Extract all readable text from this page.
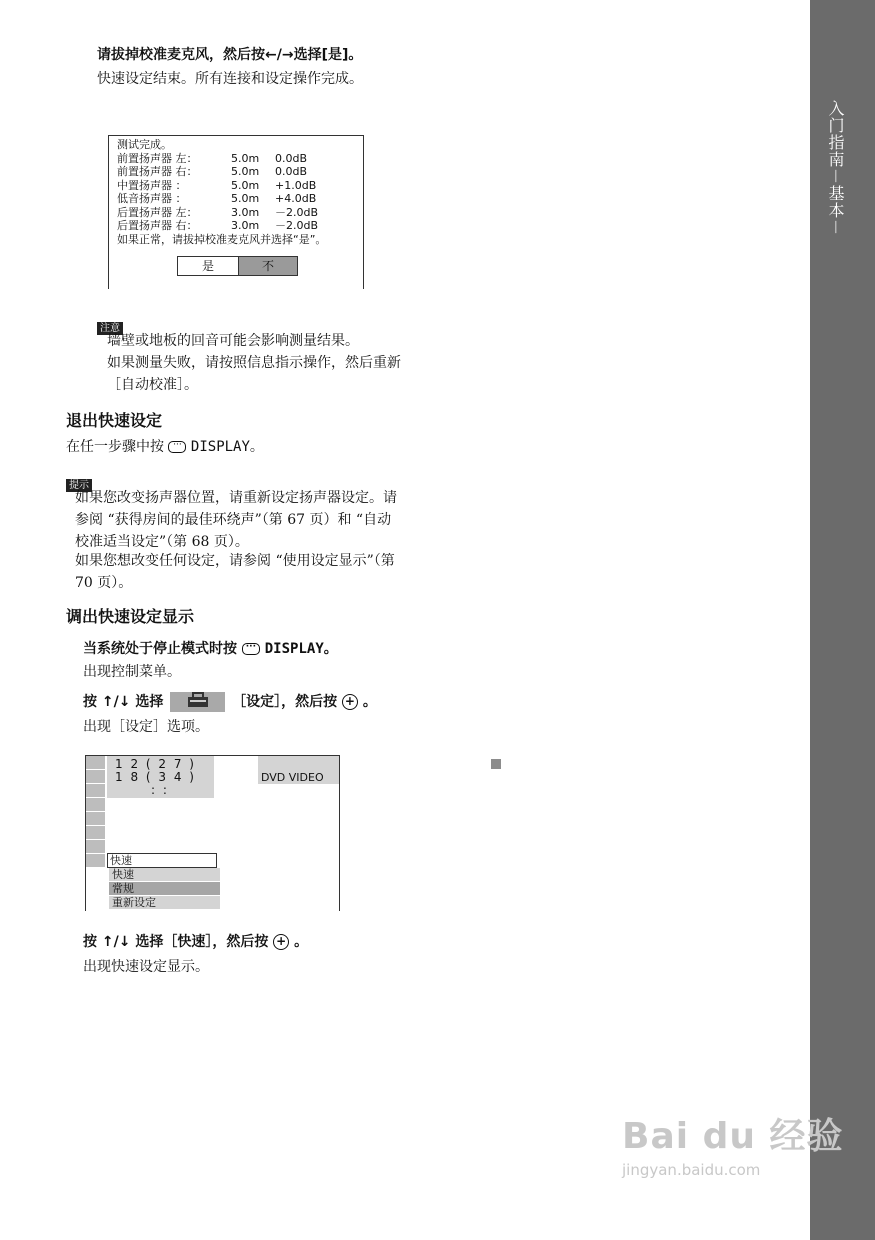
入门指南－基本－
请拔掉校准麦克风，然后按←/→选择[是]。
快速设定结束。所有连接和设定操作完成。
测试完成。
前置扬声器 左：	5.0m 0.0dB
前置扬声器 右：	5.0m 0.0dB
中置扬声器 ：	5.0m +1.0dB
低音扬声器 ：	5.0m +4.0dB
后置扬声器 左：	3.0m －2.0dB
后置扬声器 右：	3.0m －2.0dB
如果正常，请拔掉校准麦克风并选择“是”。
是	不
注意
墙壁或地板的回音可能会影响测量结果。
如果测量失败，请按照信息指示操作，然后重新［自动校准］。
退出快速设定
在任一步骤中按 ··· DISPLAY。
提示
如果您改变扬声器位置，请重新设定扬声器设定。请参阅 “获得房间的最佳环绕声”（第 67 页）和 “自动校准适当设定”（第 68 页）。
如果您想改变任何设定，请参阅 “使用设定显示”（第 70 页）。
调出快速设定显示
当系统处于停止模式时按 ··· DISPLAY。
出现控制菜单。
按 ↑/↓ 选择	［设定］，然后按 + 。
出现［设定］选项。
1 2 ( 2 7 )
1 8 ( 3 4 )
: :
DVD VIDEO
快速
快速
常规
重新设定
按 ↑/↓ 选择［快速］，然后按 + 。
出现快速设定显示。
Bai du 经验
jingyan.baidu.com
